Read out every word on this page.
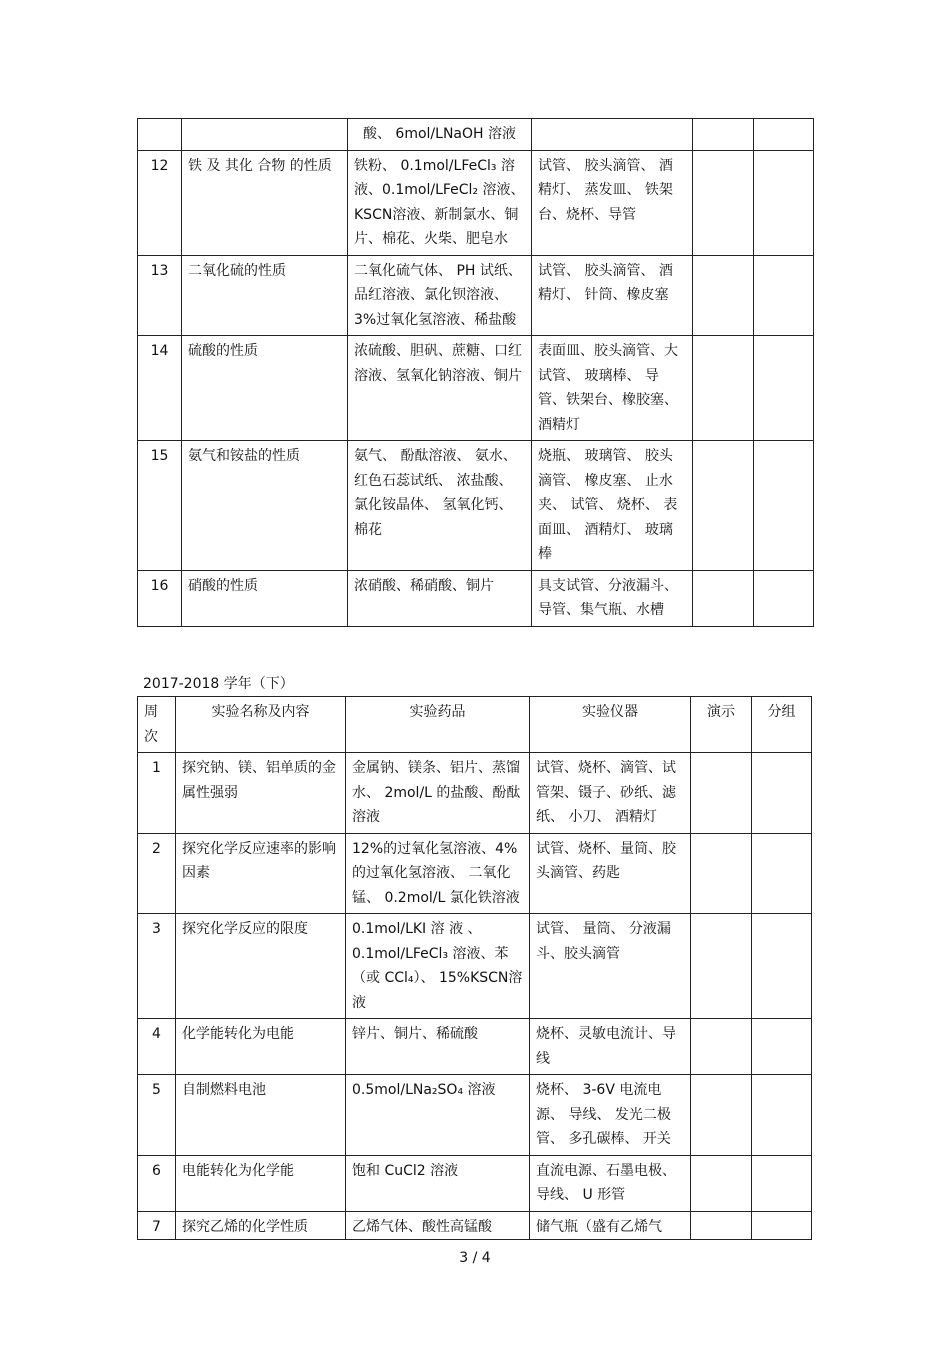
		酸、 6mol/LNaOH 溶液			
12	铁 及 其化 合物 的性质	铁粉、 0.1mol/LFeCl₃ 溶液、0.1mol/LFeCl₂ 溶液、KSCN溶液、新制氯水、铜片、棉花、火柴、肥皂水	试管、 胶头滴管、 酒精灯、 蒸发皿、 铁架台、烧杯、导管		
13	二氧化硫的性质	二氧化硫气体、 PH 试纸、品红溶液、氯化钡溶液、 3%过氧化氢溶液、稀盐酸	试管、 胶头滴管、 酒精灯、 针筒、橡皮塞		
14	硫酸的性质	浓硫酸、胆矾、蔗糖、口红溶液、氢氧化钠溶液、铜片	表面皿、胶头滴管、大试管、 玻璃棒、 导管、铁架台、橡胶塞、酒精灯		
15	氨气和铵盐的性质	氨气、 酚酞溶液、 氨水、红色石蕊试纸、 浓盐酸、氯化铵晶体、 氢氧化钙、棉花	烧瓶、 玻璃管、 胶头滴管、 橡皮塞、 止水夹、 试管、 烧杯、 表面皿、 酒精灯、 玻璃棒		
16	硝酸的性质	浓硝酸、稀硝酸、铜片	具支试管、分液漏斗、导管、集气瓶、水槽		
2017-2018 学年（下）
周次	实验名称及内容	实验药品	实验仪器	演示	分组
1	探究钠、镁、铝单质的金属性强弱	金属钠、镁条、铝片、蒸馏水、 2mol/L 的盐酸、酚酞溶液	试管、烧杯、滴管、试管架、镊子、砂纸、滤纸、 小刀、 酒精灯		
2	探究化学反应速率的影响因素	12%的过氧化氢溶液、4%的过氧化氢溶液、 二氧化锰、 0.2mol/L 氯化铁溶液	试管、烧杯、量筒、胶头滴管、药匙		
3	探究化学反应的限度	0.1mol/LKI 溶 液 、0.1mol/LFeCl₃ 溶液、苯（或 CCl₄）、 15%KSCN溶液	试管、 量筒、 分液漏斗、胶头滴管		
4	化学能转化为电能	锌片、铜片、稀硫酸	烧杯、灵敏电流计、导线		
5	自制燃料电池	0.5mol/LNa₂SO₄ 溶液	烧杯、 3-6V 电流电源、 导线、 发光二极管、 多孔碳棒、 开关		
6	电能转化为化学能	饱和 CuCl2 溶液	直流电源、石墨电极、导线、 U 形管		
7	探究乙烯的化学性质	乙烯气体、酸性高锰酸	储气瓶（盛有乙烯气		
3 / 4
